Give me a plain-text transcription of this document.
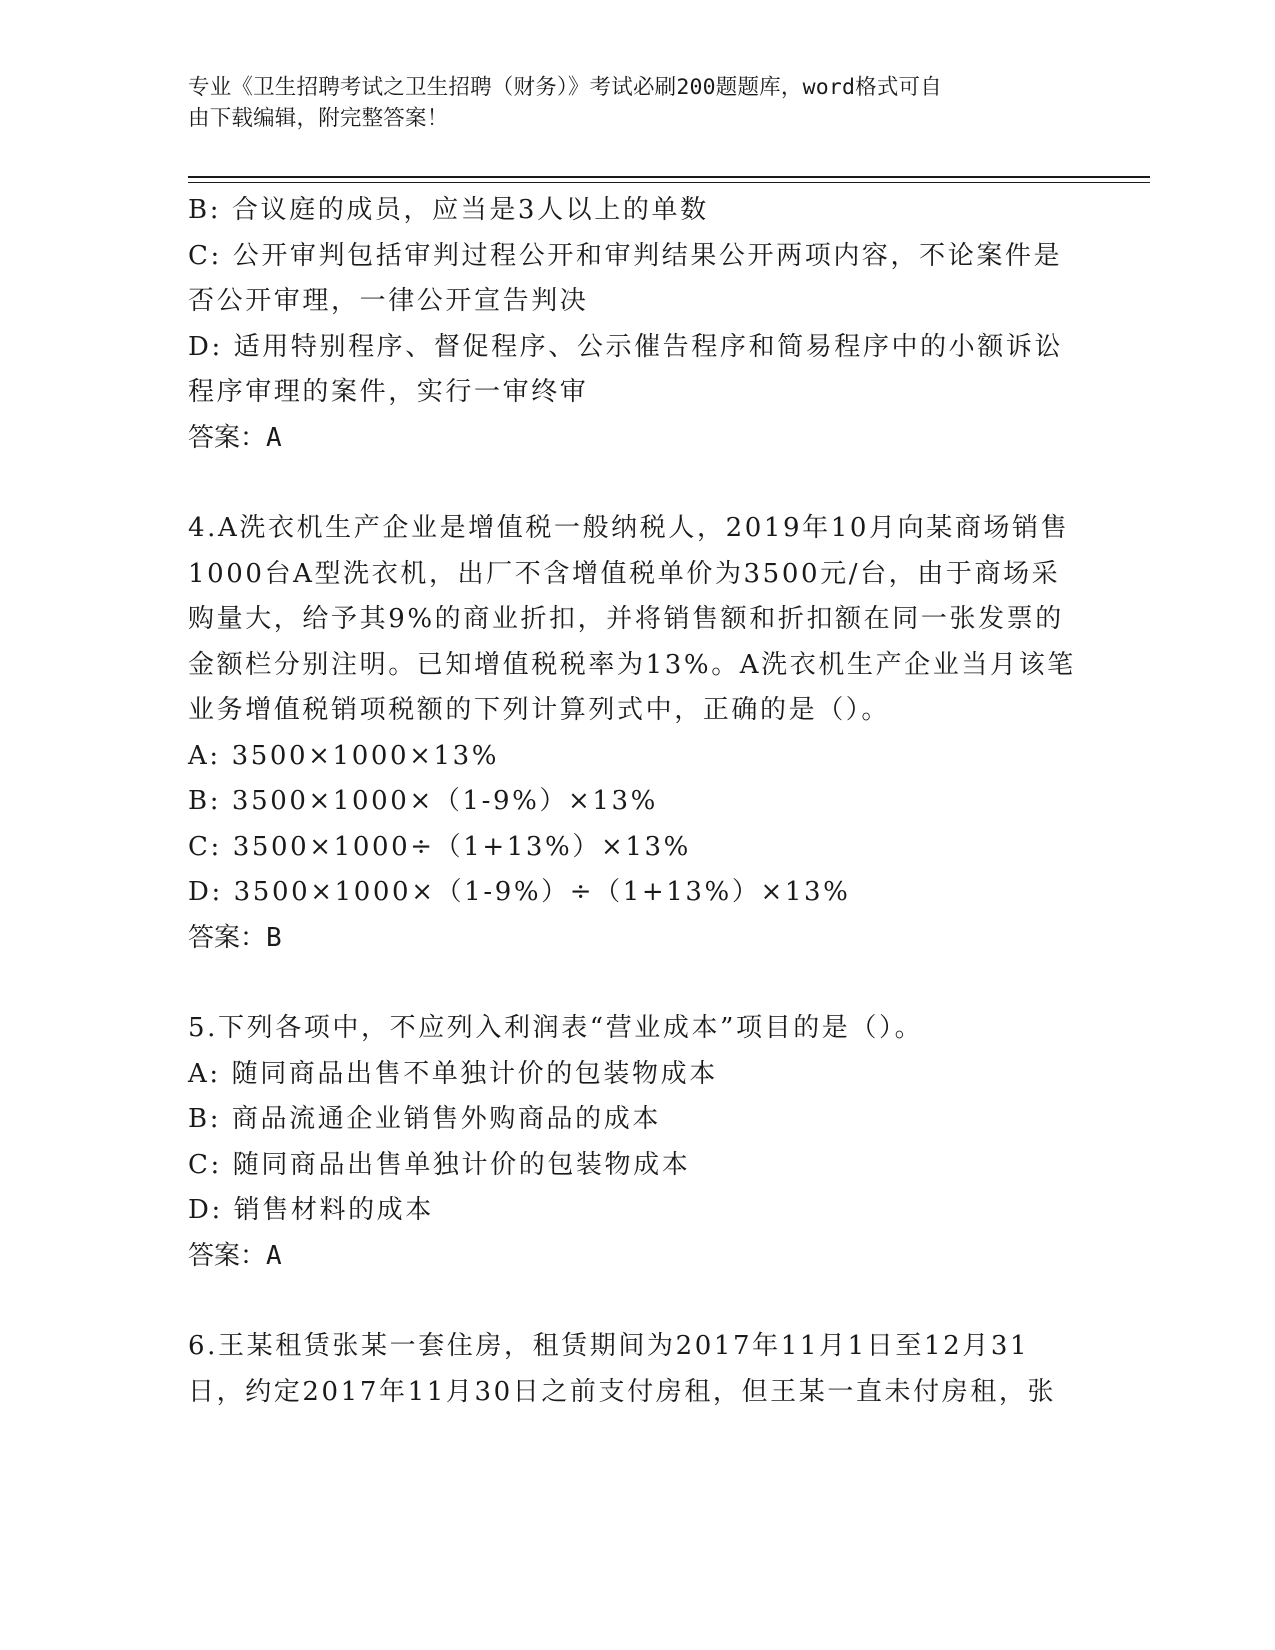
专业《卫生招聘考试之卫生招聘（财务）》考试必刷200题题库，word格式可自
由下载编辑，附完整答案！
B: 合议庭的成员，应当是3人以上的单数
C: 公开审判包括审判过程公开和审判结果公开两项内容，不论案件是
否公开审理，一律公开宣告判决
D: 适用特别程序、督促程序、公示催告程序和简易程序中的小额诉讼
程序审理的案件，实行一审终审
答案：A
4.A洗衣机生产企业是增值税一般纳税人，2019年10月向某商场销售
1000台A型洗衣机，出厂不含增值税单价为3500元/台，由于商场采
购量大，给予其9%的商业折扣，并将销售额和折扣额在同一张发票的
金额栏分别注明。已知增值税税率为13%。A洗衣机生产企业当月该笔
业务增值税销项税额的下列计算列式中，正确的是（）。
A: 3500×1000×13%
B: 3500×1000×（1-9%）×13%
C: 3500×1000÷（1+13%）×13%
D: 3500×1000×（1-9%）÷（1+13%）×13%
答案：B
5.下列各项中，不应列入利润表“营业成本”项目的是（）。
A: 随同商品出售不单独计价的包装物成本
B: 商品流通企业销售外购商品的成本
C: 随同商品出售单独计价的包装物成本
D: 销售材料的成本
答案：A
6.王某租赁张某一套住房，租赁期间为2017年11月1日至12月31
日，约定2017年11月30日之前支付房租，但王某一直未付房租，张
